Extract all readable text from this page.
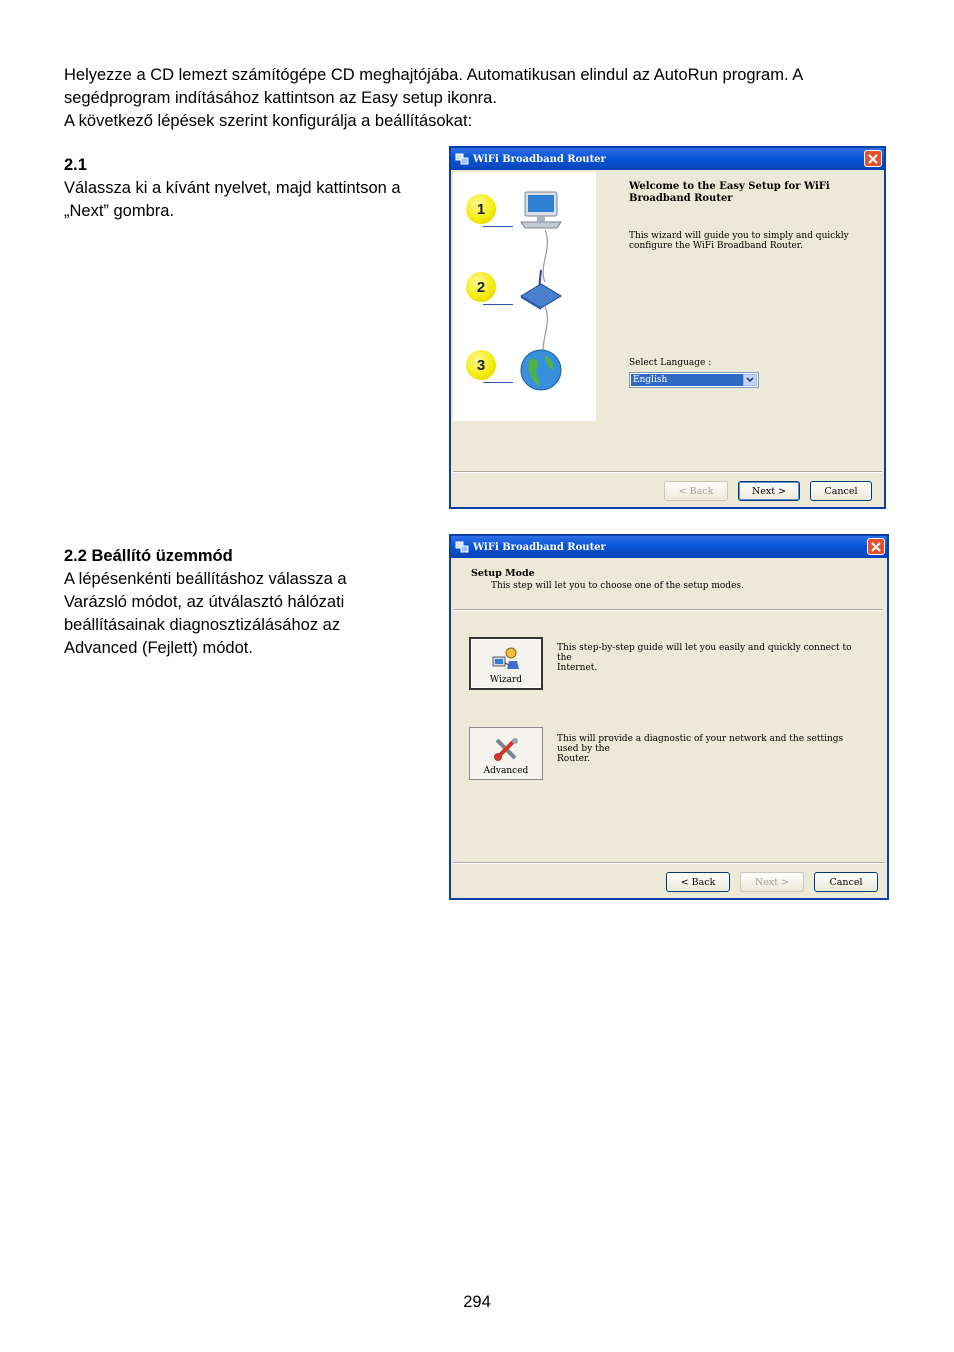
Helyezze a CD lemezt számítógépe CD meghajtójába. Automatikusan elindul az AutoRun program. A

segédprogram indításához kattintson az Easy setup ikonra.

A következő lépések szerint konfigurálja a beállításokat:

2.1

Válassza ki a kívánt nyelvet, majd kattintson a

„Next” gombra.

2.2 Beállító üzemmód

A lépésenkénti beállításhoz válassza a

Varázsló módot, az útválasztó hálózati

beállításainak diagnosztizálásához az

Advanced (Fejlett) módot.

WiFi Broadband Router
1
2
3
Welcome to the Easy Setup for WiFi Broadband Router
This wizard will guide you to simply and quickly
configure the WiFi Broadband Router.
Select Language :
English
< Back	Next >	Cancel
WiFi Broadband Router
Setup Mode
This step will let you to choose one of the setup modes.
Wizard
This step-by-step guide will let you easily and quickly connect to the
Internet.
Advanced
This will provide a diagnostic of your network and the settings used by the
Router.
< Back	Next >	Cancel
294
